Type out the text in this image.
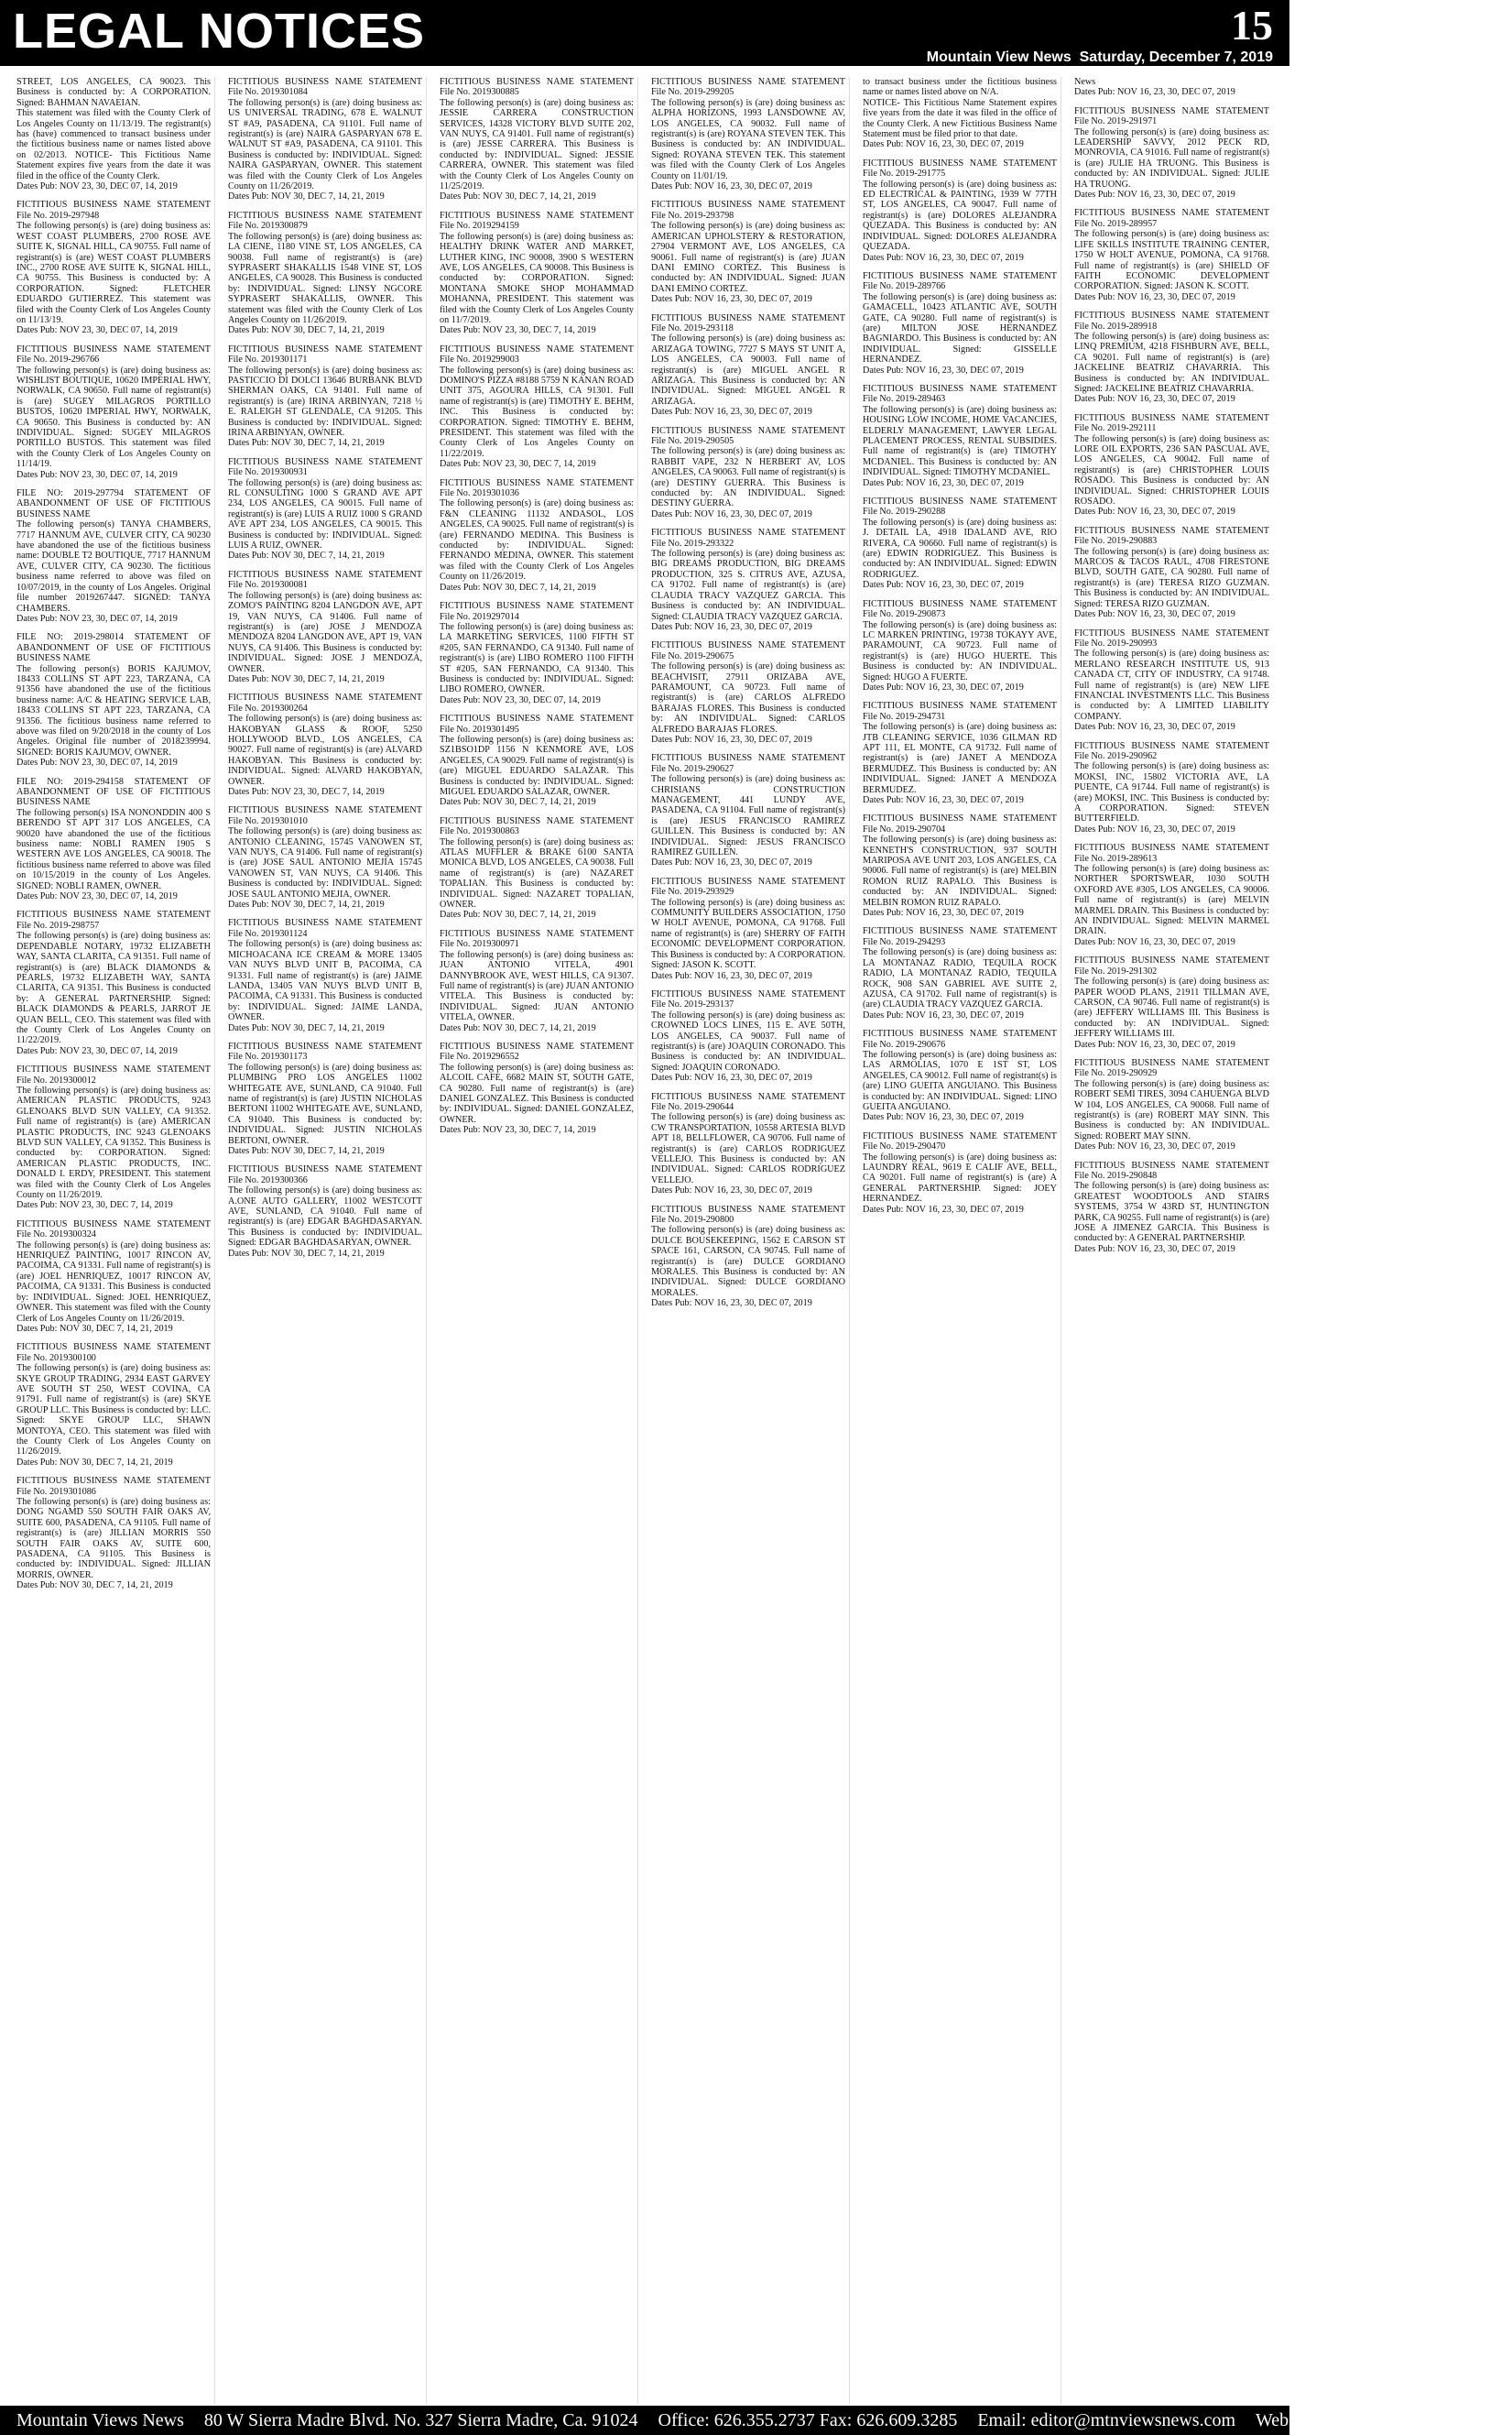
LEGAL NOTICES	15
Mountain View News Saturday, December 7, 2019
STREET, LOS ANGELES, CA 90023. This Business is conducted by: A CORPORATION. Signed: BAHMAN NAVAEIAN.
This statement was filed with the County Clerk of Los Angeles County on 11/13/19. The registrant(s) has (have) commenced to transact business under the fictitious business name or names listed above on 02/2013. NOTICE- This Fictitious Name Statement expires five years from the date it was filed in the office of the County Clerk.
Dates Pub: NOV 23, 30, DEC 07, 14, 2019
FICTITIOUS BUSINESS NAME STATEMENT File No. 2019-297948
The following person(s) is (are) doing business as: WEST COAST PLUMBERS, 2700 ROSE AVE SUITE K, SIGNAL HILL, CA 90755. Full name of registrant(s) is (are) WEST COAST PLUMBERS INC., 2700 ROSE AVE SUITE K, SIGNAL HILL, CA 90755. This Business is conducted by: A CORPORATION. Signed: FLETCHER EDUARDO GUTIERREZ. This statement was filed with the County Clerk of Los Angeles County on 11/13/19.
Dates Pub: NOV 23, 30, DEC 07, 14, 2019
FICTITIOUS BUSINESS NAME STATEMENT File No. 2019-296766
The following person(s) is (are) doing business as: WISHLIST BOUTIQUE, 10620 IMPERIAL HWY, NORWALK, CA 90650. Full name of registrant(s) is (are) SUGEY MILAGROS PORTILLO BUSTOS, 10620 IMPERIAL HWY, NORWALK, CA 90650. This Business is conducted by: AN INDIVIDUAL. Signed: SUGEY MILAGROS PORTILLO BUSTOS. This statement was filed with the County Clerk of Los Angeles County on 11/14/19.
Dates Pub: NOV 23, 30, DEC 07, 14, 2019
FILE NO: 2019-297794 STATEMENT OF ABANDONMENT OF USE OF FICTITIOUS BUSINESS NAME
The following person(s) TANYA CHAMBERS, 7717 HANNUM AVE, CULVER CITY, CA 90230 have abandoned the use of the fictitious business name: DOUBLE T2 BOUTIQUE, 7717 HANNUM AVE, CULVER CITY, CA 90230. The fictitious business name referred to above was filed on 10/07/2019, in the county of Los Angeles. Original file number 2019267447. SIGNED: TANYA CHAMBERS.
Dates Pub: NOV 23, 30, DEC 07, 14, 2019
FILE NO: 2019-298014 STATEMENT OF ABANDONMENT OF USE OF FICTITIOUS BUSINESS NAME
The following person(s) BORIS KAJUMOV, 18433 COLLINS ST APT 223, TARZANA, CA 91356 have abandoned the use of the fictitious business name: A/C & HEATING SERVICE LAB, 18433 COLLINS ST APT 223, TARZANA, CA 91356. The fictitious business name referred to above was filed on 9/20/2018 in the county of Los Angeles. Original file number of 2018239994. SIGNED: BORIS KAJUMOV, OWNER.
Dates Pub: NOV 23, 30, DEC 07, 14, 2019
FILE NO: 2019-294158 STATEMENT OF ABANDONMENT OF USE OF FICTITIOUS BUSINESS NAME
The following person(s) ISA NONONDDIN 400 S BERENDO ST APT 317 LOS ANGELES, CA 90020 have abandoned the use of the fictitious business name: NOBLI RAMEN 1905 S WESTERN AVE LOS ANGELES, CA 90018. The fictitious business name referred to above was filed on 10/15/2019 in the county of Los Angeles. SIGNED: NOBLI RAMEN, OWNER.
Dates Pub: NOV 23, 30, DEC 07, 14, 2019
FICTITIOUS BUSINESS NAME STATEMENT File No. 2019-298757
The following person(s) is (are) doing business as: DEPENDABLE NOTARY, 19732 ELIZABETH WAY, SANTA CLARITA, CA 91351. Full name of registrant(s) is (are) BLACK DIAMONDS & PEARLS, 19732 ELIZABETH WAY, SANTA CLARITA, CA 91351. This Business is conducted by: A GENERAL PARTNERSHIP. Signed: BLACK DIAMONDS & PEARLS, JARROT JE QUAN BELL, CEO. This statement was filed with the County Clerk of Los Angeles County on 11/22/2019.
Dates Pub: NOV 23, 30, DEC 07, 14, 2019
FICTITIOUS BUSINESS NAME STATEMENT File No. 2019300012
The following person(s) is (are) doing business as: AMERICAN PLASTIC PRODUCTS, 9243 GLENOAKS BLVD SUN VALLEY, CA 91352. Full name of registrant(s) is (are) AMERICAN PLASTIC PRODUCTS, INC 9243 GLENOAKS BLVD SUN VALLEY, CA 91352. This Business is conducted by: CORPORATION. Signed: AMERICAN PLASTIC PRODUCTS, INC. DONALD I. ERDY, PRESIDENT. This statement was filed with the County Clerk of Los Angeles County on 11/26/2019.
Dates Pub: NOV 23, 30, DEC 7, 14, 2019
FICTITIOUS BUSINESS NAME STATEMENT File No. 2019300324
The following person(s) is (are) doing business as: HENRIQUEZ PAINTING, 10017 RINCON AV, PACOIMA, CA 91331. Full name of registrant(s) is (are) JOEL HENRIQUEZ, 10017 RINCON AV, PACOIMA, CA 91331. This Business is conducted by: INDIVIDUAL. Signed: JOEL HENRIQUEZ, OWNER. This statement was filed with the County Clerk of Los Angeles County on 11/26/2019.
Dates Pub: NOV 30, DEC 7, 14, 21, 2019
FICTITIOUS BUSINESS NAME STATEMENT File No. 2019300100
The following person(s) is (are) doing business as: SKYE GROUP TRADING, 2934 EAST GARVEY AVE SOUTH ST 250, WEST COVINA, CA 91791. Full name of registrant(s) is (are) SKYE GROUP LLC. This Business is conducted by: LLC. Signed: SKYE GROUP LLC, SHAWN MONTOYA, CEO. This statement was filed with the County Clerk of Los Angeles County on 11/26/2019.
Dates Pub: NOV 30, DEC 7, 14, 21, 2019
FICTITIOUS BUSINESS NAME STATEMENT File No. 2019301086
The following person(s) is (are) doing business as: DONG NGAMD 550 SOUTH FAIR OAKS AV, SUITE 600, PASADENA, CA 91105. Full name of registrant(s) is (are) JILLIAN MORRIS 550 SOUTH FAIR OAKS AV, SUITE 600, PASADENA, CA 91105. This Business is conducted by: INDIVIDUAL. Signed: JILLIAN MORRIS, OWNER.
Dates Pub: NOV 30, DEC 7, 14, 21, 2019
FICTITIOUS BUSINESS NAME STATEMENT File No. 2019301084
The following person(s) is (are) doing business as: US UNIVERSAL TRADING, 678 E. WALNUT ST #A9, PASADENA, CA 91101. Full name of registrant(s) is (are) NAIRA GASPARYAN 678 E. WALNUT ST #A9, PASADENA, CA 91101. This Business is conducted by: INDIVIDUAL. Signed: NAIRA GASPARYAN, OWNER. This statement was filed with the County Clerk of Los Angeles County on 11/26/2019.
Dates Pub: NOV 30, DEC 7, 14, 21, 2019
FICTITIOUS BUSINESS NAME STATEMENT File No. 2019300879
The following person(s) is (are) doing business as: LA CIENE, 1180 VINE ST, LOS ANGELES, CA 90038. Full name of registrant(s) is (are) SYPRASERT SHAKALLIS 1548 VINE ST, LOS ANGELES, CA 90028. This Business is conducted by: INDIVIDUAL. Signed: LINSY NGCORE SYPRASERT SHAKALLIS, OWNER. This statement was filed with the County Clerk of Los Angeles County on 11/26/2019.
Dates Pub: NOV 30, DEC 7, 14, 21, 2019
FICTITIOUS BUSINESS NAME STATEMENT File No. 2019301171
The following person(s) is (are) doing business as: PASTICCIO DI DOLCI 13646 BURBANK BLVD SHERMAN OAKS, CA 91401. Full name of registrant(s) is (are) IRINA ARBINYAN, 7218 ½ E. RALEIGH ST GLENDALE, CA 91205. This Business is conducted by: INDIVIDUAL. Signed: IRINA ARBINYAN, OWNER.
Dates Pub: NOV 30, DEC 7, 14, 21, 2019
FICTITIOUS BUSINESS NAME STATEMENT File No. 2019300931
The following person(s) is (are) doing business as: RL CONSULTING 1000 S GRAND AVE APT 234, LOS ANGELES, CA 90015. Full name of registrant(s) is (are) LUIS A RUIZ 1000 S GRAND AVE APT 234, LOS ANGELES, CA 90015. This Business is conducted by: INDIVIDUAL. Signed: LUIS A RUIZ, OWNER.
Dates Pub: NOV 30, DEC 7, 14, 21, 2019
FICTITIOUS BUSINESS NAME STATEMENT File No. 2019300081
The following person(s) is (are) doing business as: ZOMO'S PAINTING 8204 LANGDON AVE, APT 19, VAN NUYS, CA 91406. Full name of registrant(s) is (are) JOSE J MENDOZA MENDOZA 8204 LANGDON AVE, APT 19, VAN NUYS, CA 91406. This Business is conducted by: INDIVIDUAL. Signed: JOSE J MENDOZA, OWNER.
Dates Pub: NOV 30, DEC 7, 14, 21, 2019
FICTITIOUS BUSINESS NAME STATEMENT File No. 2019300264
The following person(s) is (are) doing business as: HAKOBYAN GLASS & ROOF, 5250 HOLLYWOOD BLVD., LOS ANGELES, CA 90027. Full name of registrant(s) is (are) ALVARD HAKOBYAN. This Business is conducted by: INDIVIDUAL. Signed: ALVARD HAKOBYAN, OWNER.
Dates Pub: NOV 23, 30, DEC 7, 14, 2019
FICTITIOUS BUSINESS NAME STATEMENT File No. 2019301010
The following person(s) is (are) doing business as: ANTONIO CLEANING, 15745 VANOWEN ST, VAN NUYS, CA 91406. Full name of registrant(s) is (are) JOSE SAUL ANTONIO MEJIA 15745 VANOWEN ST, VAN NUYS, CA 91406. This Business is conducted by: INDIVIDUAL. Signed: JOSE SAUL ANTONIO MEJIA, OWNER.
Dates Pub: NOV 30, DEC 7, 14, 21, 2019
FICTITIOUS BUSINESS NAME STATEMENT File No. 2019301124
The following person(s) is (are) doing business as: MICHOACANA ICE CREAM & MORE 13405 VAN NUYS BLVD UNIT B, PACOIMA, CA 91331. Full name of registrant(s) is (are) JAIME LANDA, 13405 VAN NUYS BLVD UNIT B, PACOIMA, CA 91331. This Business is conducted by: INDIVIDUAL. Signed: JAIME LANDA, OWNER.
Dates Pub: NOV 30, DEC 7, 14, 21, 2019
FICTITIOUS BUSINESS NAME STATEMENT File No. 2019301173
The following person(s) is (are) doing business as: PLUMBING PRO LOS ANGELES 11002 WHITEGATE AVE, SUNLAND, CA 91040. Full name of registrant(s) is (are) JUSTIN NICHOLAS BERTONI 11002 WHITEGATE AVE, SUNLAND, CA 91040. This Business is conducted by: INDIVIDUAL. Signed: JUSTIN NICHOLAS BERTONI, OWNER.
Dates Pub: NOV 30, DEC 7, 14, 21, 2019
FICTITIOUS BUSINESS NAME STATEMENT File No. 2019300366
The following person(s) is (are) doing business as: A.ONE AUTO GALLERY, 11002 WESTCOTT AVE, SUNLAND, CA 91040. Full name of registrant(s) is (are) EDGAR BAGHDASARYAN. This Business is conducted by: INDIVIDUAL. Signed: EDGAR BAGHDASARYAN, OWNER.
Dates Pub: NOV 30, DEC 7, 14, 21, 2019
FICTITIOUS BUSINESS NAME STATEMENT File No. 2019300885
The following person(s) is (are) doing business as: JESSIE CARRERA CONSTRUCTION SERVICES, 14328 VICTORY BLVD SUITE 202, VAN NUYS, CA 91401. Full name of registrant(s) is (are) JESSE CARRERA. This Business is conducted by: INDIVIDUAL. Signed: JESSIE CARRERA, OWNER. This statement was filed with the County Clerk of Los Angeles County on 11/25/2019.
Dates Pub: NOV 30, DEC 7, 14, 21, 2019
FICTITIOUS BUSINESS NAME STATEMENT File No. 2019294159
The following person(s) is (are) doing business as: HEALTHY DRINK WATER AND MARKET, LUTHER KING, INC 90008, 3900 S WESTERN AVE, LOS ANGELES, CA 90008. This Business is conducted by: CORPORATION. Signed: MONTANA SMOKE SHOP MOHAMMAD MOHANNA, PRESIDENT. This statement was filed with the County Clerk of Los Angeles County on 11/7/2019.
Dates Pub: NOV 23, 30, DEC 7, 14, 2019
FICTITIOUS BUSINESS NAME STATEMENT File No. 2019299003
The following person(s) is (are) doing business as: DOMINO'S PIZZA #8188 5759 N KANAN ROAD UNIT 375, AGOURA HILLS, CA 91301. Full name of registrant(s) is (are) TIMOTHY E. BEHM, INC. This Business is conducted by: CORPORATION. Signed: TIMOTHY E. BEHM, PRESIDENT. This statement was filed with the County Clerk of Los Angeles County on 11/22/2019.
Dates Pub: NOV 23, 30, DEC 7, 14, 2019
FICTITIOUS BUSINESS NAME STATEMENT File No. 2019301036
The following person(s) is (are) doing business as: F&N CLEANING 11132 ANDASOL, LOS ANGELES, CA 90025. Full name of registrant(s) is (are) FERNANDO MEDINA. This Business is conducted by: INDIVIDUAL. Signed: FERNANDO MEDINA, OWNER. This statement was filed with the County Clerk of Los Angeles County on 11/26/2019.
Dates Pub: NOV 30, DEC 7, 14, 21, 2019
FICTITIOUS BUSINESS NAME STATEMENT File No. 2019297014
The following person(s) is (are) doing business as: LA MARKETING SERVICES, 1100 FIFTH ST #205, SAN FERNANDO, CA 91340. Full name of registrant(s) is (are) LIBO ROMERO 1100 FIFTH ST #205, SAN FERNANDO, CA 91340. This Business is conducted by: INDIVIDUAL. Signed: LIBO ROMERO, OWNER.
Dates Pub: NOV 23, 30, DEC 07, 14, 2019
FICTITIOUS BUSINESS NAME STATEMENT File No. 2019301495
The following person(s) is (are) doing business as: SZ1BSO1DP 1156 N KENMORE AVE, LOS ANGELES, CA 90029. Full name of registrant(s) is (are) MIGUEL EDUARDO SALAZAR. This Business is conducted by: INDIVIDUAL. Signed: MIGUEL EDUARDO SALAZAR, OWNER.
Dates Pub: NOV 30, DEC 7, 14, 21, 2019
FICTITIOUS BUSINESS NAME STATEMENT File No. 2019300863
The following person(s) is (are) doing business as: ATLAS MUFFLER & BRAKE 6100 SANTA MONICA BLVD, LOS ANGELES, CA 90038. Full name of registrant(s) is (are) NAZARET TOPALIAN. This Business is conducted by: INDIVIDUAL. Signed: NAZARET TOPALIAN, OWNER.
Dates Pub: NOV 30, DEC 7, 14, 21, 2019
FICTITIOUS BUSINESS NAME STATEMENT File No. 2019300971
The following person(s) is (are) doing business as: JUAN ANTONIO VITELA, 4901 DANNYBROOK AVE, WEST HILLS, CA 91307. Full name of registrant(s) is (are) JUAN ANTONIO VITELA. This Business is conducted by: INDIVIDUAL. Signed: JUAN ANTONIO VITELA, OWNER.
Dates Pub: NOV 30, DEC 7, 14, 21, 2019
FICTITIOUS BUSINESS NAME STATEMENT File No. 2019296552
The following person(s) is (are) doing business as: ALCOIL CAFE, 6682 MAIN ST, SOUTH GATE, CA 90280. Full name of registrant(s) is (are) DANIEL GONZALEZ. This Business is conducted by: INDIVIDUAL. Signed: DANIEL GONZALEZ, OWNER.
Dates Pub: NOV 23, 30, DEC 7, 14, 2019
FICTITIOUS BUSINESS NAME STATEMENT File No. 2019-299205
The following person(s) is (are) doing business as: ALPHA HORIZONS, 1993 LANSDOWNE AV, LOS ANGELES, CA 90032. Full name of registrant(s) is (are) ROYANA STEVEN TEK. This Business is conducted by: AN INDIVIDUAL. Signed: ROYANA STEVEN TEK. This statement was filed with the County Clerk of Los Angeles County on 11/01/19.
Dates Pub: NOV 16, 23, 30, DEC 07, 2019
FICTITIOUS BUSINESS NAME STATEMENT File No. 2019-293798
The following person(s) is (are) doing business as: AMERICAN UPHOLSTERY & RESTORATION, 27904 VERMONT AVE, LOS ANGELES, CA 90061. Full name of registrant(s) is (are) JUAN DANI EMINO CORTEZ. This Business is conducted by: AN INDIVIDUAL. Signed: JUAN DANI EMINO CORTEZ.
Dates Pub: NOV 16, 23, 30, DEC 07, 2019
FICTITIOUS BUSINESS NAME STATEMENT File No. 2019-293118
The following person(s) is (are) doing business as: ARIZAGA TOWING, 7727 S MAYS ST UNIT A, LOS ANGELES, CA 90003. Full name of registrant(s) is (are) MIGUEL ANGEL R ARIZAGA. This Business is conducted by: AN INDIVIDUAL. Signed: MIGUEL ANGEL R ARIZAGA.
Dates Pub: NOV 16, 23, 30, DEC 07, 2019
FICTITIOUS BUSINESS NAME STATEMENT File No. 2019-290505
The following person(s) is (are) doing business as: RABBIT VAPE, 232 N HERBERT AV, LOS ANGELES, CA 90063. Full name of registrant(s) is (are) DESTINY GUERRA. This Business is conducted by: AN INDIVIDUAL. Signed: DESTINY GUERRA.
Dates Pub: NOV 16, 23, 30, DEC 07, 2019
FICTITIOUS BUSINESS NAME STATEMENT File No. 2019-293322
The following person(s) is (are) doing business as: BIG DREAMS PRODUCTION, BIG DREAMS PRODUCTION, 325 S. CITRUS AVE, AZUSA, CA 91702. Full name of registrant(s) is (are) CLAUDIA TRACY VAZQUEZ GARCIA. This Business is conducted by: AN INDIVIDUAL. Signed: CLAUDIA TRACY VAZQUEZ GARCIA.
Dates Pub: NOV 16, 23, 30, DEC 07, 2019
FICTITIOUS BUSINESS NAME STATEMENT File No. 2019-290675
The following person(s) is (are) doing business as: BEACHVISIT, 27911 ORIZABA AVE, PARAMOUNT, CA 90723. Full name of registrant(s) is (are) CARLOS ALFREDO BARAJAS FLORES. This Business is conducted by: AN INDIVIDUAL. Signed: CARLOS ALFREDO BARAJAS FLORES.
Dates Pub: NOV 16, 23, 30, DEC 07, 2019
FICTITIOUS BUSINESS NAME STATEMENT File No. 2019-290627
The following person(s) is (are) doing business as: CHRISIANS CONSTRUCTION MANAGEMENT, 441 LUNDY AVE, PASADENA, CA 91104. Full name of registrant(s) is (are) JESUS FRANCISCO RAMIREZ GUILLEN. This Business is conducted by: AN INDIVIDUAL. Signed: JESUS FRANCISCO RAMIREZ GUILLEN.
Dates Pub: NOV 16, 23, 30, DEC 07, 2019
FICTITIOUS BUSINESS NAME STATEMENT File No. 2019-293929
The following person(s) is (are) doing business as: COMMUNITY BUILDERS ASSOCIATION, 1750 W HOLT AVENUE, POMONA, CA 91768. Full name of registrant(s) is (are) SHERRY OF FAITH ECONOMIC DEVELOPMENT CORPORATION. This Business is conducted by: A CORPORATION. Signed: JASON K. SCOTT.
Dates Pub: NOV 16, 23, 30, DEC 07, 2019
FICTITIOUS BUSINESS NAME STATEMENT File No. 2019-293137
The following person(s) is (are) doing business as: CROWNED LOCS LINES, 115 E. AVE 50TH, LOS ANGELES, CA 90037. Full name of registrant(s) is (are) JOAQUIN CORONADO. This Business is conducted by: AN INDIVIDUAL. Signed: JOAQUIN CORONADO.
Dates Pub: NOV 16, 23, 30, DEC 07, 2019
FICTITIOUS BUSINESS NAME STATEMENT File No. 2019-290644
The following person(s) is (are) doing business as: CW TRANSPORTATION, 10558 ARTESIA BLVD APT 18, BELLFLOWER, CA 90706. Full name of registrant(s) is (are) CARLOS RODRIGUEZ VELLEJO. This Business is conducted by: AN INDIVIDUAL. Signed: CARLOS RODRIGUEZ VELLEJO.
Dates Pub: NOV 16, 23, 30, DEC 07, 2019
FICTITIOUS BUSINESS NAME STATEMENT File No. 2019-290800
The following person(s) is (are) doing business as: DULCE BOUSEKEEPING, 1562 E CARSON ST SPACE 161, CARSON, CA 90745. Full name of registrant(s) is (are) DULCE GORDIANO MORALES. This Business is conducted by: AN INDIVIDUAL. Signed: DULCE GORDIANO MORALES.
Dates Pub: NOV 16, 23, 30, DEC 07, 2019
to transact business under the fictitious business name or names listed above on N/A.
NOTICE- This Fictitious Name Statement expires five years from the date it was filed in the office of the County Clerk. A new Fictitious Business Name Statement must be filed prior to that date.
Dates Pub: NOV 16, 23, 30, DEC 07, 2019
FICTITIOUS BUSINESS NAME STATEMENT File No. 2019-291775
The following person(s) is (are) doing business as: ED ELECTRICAL & PAINTING, 1939 W 77TH ST, LOS ANGELES, CA 90047. Full name of registrant(s) is (are) DOLORES ALEJANDRA QUEZADA. This Business is conducted by: AN INDIVIDUAL. Signed: DOLORES ALEJANDRA QUEZADA.
Dates Pub: NOV 16, 23, 30, DEC 07, 2019
FICTITIOUS BUSINESS NAME STATEMENT File No. 2019-289766
The following person(s) is (are) doing business as: GAMACELL, 10423 ATLANTIC AVE, SOUTH GATE, CA 90280. Full name of registrant(s) is (are) MILTON JOSE HERNANDEZ BAGNIARDO. This Business is conducted by: AN INDIVIDUAL. Signed: GISSELLE HERNANDEZ.
Dates Pub: NOV 16, 23, 30, DEC 07, 2019
FICTITIOUS BUSINESS NAME STATEMENT File No. 2019-289463
The following person(s) is (are) doing business as: HOUSING LOW INCOME, HOME VACANCIES, ELDERLY MANAGEMENT, LAWYER LEGAL PLACEMENT PROCESS, RENTAL SUBSIDIES. Full name of registrant(s) is (are) TIMOTHY MCDANIEL. This Business is conducted by: AN INDIVIDUAL. Signed: TIMOTHY MCDANIEL.
Dates Pub: NOV 16, 23, 30, DEC 07, 2019
FICTITIOUS BUSINESS NAME STATEMENT File No. 2019-290288
The following person(s) is (are) doing business as: J. DETAIL LA, 4918 IDALAND AVE, RIO RIVERA, CA 90660. Full name of registrant(s) is (are) EDWIN RODRIGUEZ. This Business is conducted by: AN INDIVIDUAL. Signed: EDWIN RODRIGUEZ.
Dates Pub: NOV 16, 23, 30, DEC 07, 2019
FICTITIOUS BUSINESS NAME STATEMENT File No. 2019-290873
The following person(s) is (are) doing business as: LC MARKEN PRINTING, 19738 TOKAYY AVE, PARAMOUNT, CA 90723. Full name of registrant(s) is (are) HUGO HUERTE. This Business is conducted by: AN INDIVIDUAL. Signed: HUGO A FUERTE.
Dates Pub: NOV 16, 23, 30, DEC 07, 2019
FICTITIOUS BUSINESS NAME STATEMENT File No. 2019-294731
The following person(s) is (are) doing business as: JTB CLEANING SERVICE, 1036 GILMAN RD APT 111, EL MONTE, CA 91732. Full name of registrant(s) is (are) JANET A MENDOZA BERMUDEZ. This Business is conducted by: AN INDIVIDUAL. Signed: JANET A MENDOZA BERMUDEZ.
Dates Pub: NOV 16, 23, 30, DEC 07, 2019
FICTITIOUS BUSINESS NAME STATEMENT File No. 2019-290704
The following person(s) is (are) doing business as: KENNETH'S CONSTRUCTION, 937 SOUTH MARIPOSA AVE UNIT 203, LOS ANGELES, CA 90006. Full name of registrant(s) is (are) MELBIN ROMON RUIZ RAPALO. This Business is conducted by: AN INDIVIDUAL. Signed: MELBIN ROMON RUIZ RAPALO.
Dates Pub: NOV 16, 23, 30, DEC 07, 2019
FICTITIOUS BUSINESS NAME STATEMENT File No. 2019-294293
The following person(s) is (are) doing business as: LA MONTANAZ RADIO, TEQUILA ROCK RADIO, LA MONTANAZ RADIO, TEQUILA ROCK, 908 SAN GABRIEL AVE SUITE 2, AZUSA, CA 91702. Full name of registrant(s) is (are) CLAUDIA TRACY VAZQUEZ GARCIA.
Dates Pub: NOV 16, 23, 30, DEC 07, 2019
FICTITIOUS BUSINESS NAME STATEMENT File No. 2019-290676
The following person(s) is (are) doing business as: LAS ARMOLIAS, 1070 E 1ST ST, LOS ANGELES, CA 90012. Full name of registrant(s) is (are) LINO GUEITA ANGUIANO. This Business is conducted by: AN INDIVIDUAL. Signed: LINO GUEITA ANGUIANO.
Dates Pub: NOV 16, 23, 30, DEC 07, 2019
FICTITIOUS BUSINESS NAME STATEMENT File No. 2019-290470
The following person(s) is (are) doing business as: LAUNDRY REAL, 9619 E CALIF AVE, BELL, CA 90201. Full name of registrant(s) is (are) A GENERAL PARTNERSHIP. Signed: JOEY HERNANDEZ.
Dates Pub: NOV 16, 23, 30, DEC 07, 2019
News
Dates Pub: NOV 16, 23, 30, DEC 07, 2019
FICTITIOUS BUSINESS NAME STATEMENT File No. 2019-291971
The following person(s) is (are) doing business as: LEADERSHIP SAVVY, 2012 PECK RD, MONROVIA, CA 91016. Full name of registrant(s) is (are) JULIE HA TRUONG. This Business is conducted by: AN INDIVIDUAL. Signed: JULIE HA TRUONG.
Dates Pub: NOV 16, 23, 30, DEC 07, 2019
FICTITIOUS BUSINESS NAME STATEMENT File No. 2019-289957
The following person(s) is (are) doing business as: LIFE SKILLS INSTITUTE TRAINING CENTER, 1750 W HOLT AVENUE, POMONA, CA 91768. Full name of registrant(s) is (are) SHIELD OF FAITH ECONOMIC DEVELOPMENT CORPORATION. Signed: JASON K. SCOTT.
Dates Pub: NOV 16, 23, 30, DEC 07, 2019
FICTITIOUS BUSINESS NAME STATEMENT File No. 2019-289918
The following person(s) is (are) doing business as: LINQ PREMIUM, 4218 FISHBURN AVE, BELL, CA 90201. Full name of registrant(s) is (are) JACKELINE BEATRIZ CHAVARRIA. This Business is conducted by: AN INDIVIDUAL. Signed: JACKELINE BEATRIZ CHAVARRIA.
Dates Pub: NOV 16, 23, 30, DEC 07, 2019
FICTITIOUS BUSINESS NAME STATEMENT File No. 2019-292111
The following person(s) is (are) doing business as: LORE OIL EXPORTS, 236 SAN PASCUAL AVE, LOS ANGELES, CA 90042. Full name of registrant(s) is (are) CHRISTOPHER LOUIS ROSADO. This Business is conducted by: AN INDIVIDUAL. Signed: CHRISTOPHER LOUIS ROSADO.
Dates Pub: NOV 16, 23, 30, DEC 07, 2019
FICTITIOUS BUSINESS NAME STATEMENT File No. 2019-290883
The following person(s) is (are) doing business as: MARCOS & TACOS RAUL, 4708 FIRESTONE BLVD, SOUTH GATE, CA 90280. Full name of registrant(s) is (are) TERESA RIZO GUZMAN. This Business is conducted by: AN INDIVIDUAL. Signed: TERESA RIZO GUZMAN.
Dates Pub: NOV 16, 23, 30, DEC 07, 2019
FICTITIOUS BUSINESS NAME STATEMENT File No. 2019-290993
The following person(s) is (are) doing business as: MERLANO RESEARCH INSTITUTE US, 913 CANADA CT, CITY OF INDUSTRY, CA 91748. Full name of registrant(s) is (are) NEW LIFE FINANCIAL INVESTMENTS LLC. This Business is conducted by: A LIMITED LIABILITY COMPANY.
Dates Pub: NOV 16, 23, 30, DEC 07, 2019
FICTITIOUS BUSINESS NAME STATEMENT File No. 2019-290962
The following person(s) is (are) doing business as: MOKSI, INC, 15802 VICTORIA AVE, LA PUENTE, CA 91744. Full name of registrant(s) is (are) MOKSI, INC. This Business is conducted by: A CORPORATION. Signed: STEVEN BUTTERFIELD.
Dates Pub: NOV 16, 23, 30, DEC 07, 2019
FICTITIOUS BUSINESS NAME STATEMENT File No. 2019-289613
The following person(s) is (are) doing business as: NORTHER SPORTSWEAR, 1030 SOUTH OXFORD AVE #305, LOS ANGELES, CA 90006. Full name of registrant(s) is (are) MELVIN MARMEL DRAIN. This Business is conducted by: AN INDIVIDUAL. Signed: MELVIN MARMEL DRAIN.
Dates Pub: NOV 16, 23, 30, DEC 07, 2019
FICTITIOUS BUSINESS NAME STATEMENT File No. 2019-291302
The following person(s) is (are) doing business as: PAPER WOOD PLANS, 21911 TILLMAN AVE, CARSON, CA 90746. Full name of registrant(s) is (are) JEFFERY WILLIAMS III. This Business is conducted by: AN INDIVIDUAL. Signed: JEFFERY WILLIAMS III.
Dates Pub: NOV 16, 23, 30, DEC 07, 2019
FICTITIOUS BUSINESS NAME STATEMENT File No. 2019-290929
The following person(s) is (are) doing business as: ROBERT SEMI TIRES, 3094 CAHUENGA BLVD W 104, LOS ANGELES, CA 90068. Full name of registrant(s) is (are) ROBERT MAY SINN. This Business is conducted by: AN INDIVIDUAL. Signed: ROBERT MAY SINN.
Dates Pub: NOV 16, 23, 30, DEC 07, 2019
FICTITIOUS BUSINESS NAME STATEMENT File No. 2019-290848
The following person(s) is (are) doing business as: GREATEST WOODTOOLS AND STAIRS SYSTEMS, 3754 W 43RD ST, HUNTINGTON PARK, CA 90255. Full name of registrant(s) is (are) JOSE A JIMENEZ GARCIA. This Business is conducted by: A GENERAL PARTNERSHIP.
Dates Pub: NOV 16, 23, 30, DEC 07, 2019
Mountain Views News 80 W Sierra Madre Blvd. No. 327 Sierra Madre, Ca. 91024 Office: 626.355.2737 Fax: 626.609.3285 Email: editor@mtnviewsnews.com Website: www.mtnviewsnews.com
